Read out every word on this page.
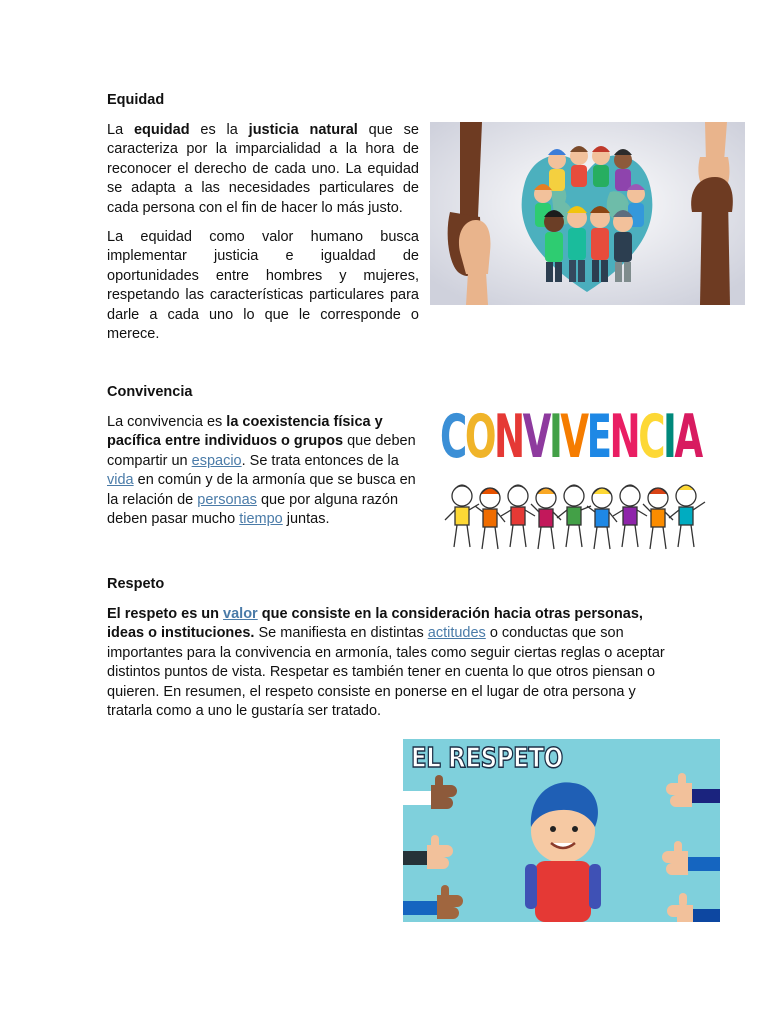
Equidad

La equidad es la justicia natural que se caracteriza por la imparcialidad a la hora de reconocer el derecho de cada uno. La equidad se adapta a las necesidades particulares de cada persona con el fin de hacer lo más justo.

La equidad como valor humano busca implementar justicia e igualdad de oportunidades entre hombres y mujeres, respetando las características particulares para darle a cada uno lo que le corresponde o merece.

Convivencia

La convivencia es la coexistencia física y pacífica entre individuos o grupos que deben compartir un espacio. Se trata entonces de la vida en común y de la armonía que se busca en la relación de personas que por alguna razón deben pasar mucho tiempo juntas.

CONVIVENCIA
Respeto

El respeto es un valor que consiste en la consideración hacia otras personas, ideas o instituciones. Se manifiesta en distintas actitudes o conductas que son importantes para la convivencia en armonía, tales como seguir ciertas reglas o aceptar distintos puntos de vista. Respetar es también tener en cuenta lo que otros piensan o quieren. En resumen, el respeto consiste en ponerse en el lugar de otra persona y tratarla como a uno le gustaría ser tratado.

EL RESPETO
